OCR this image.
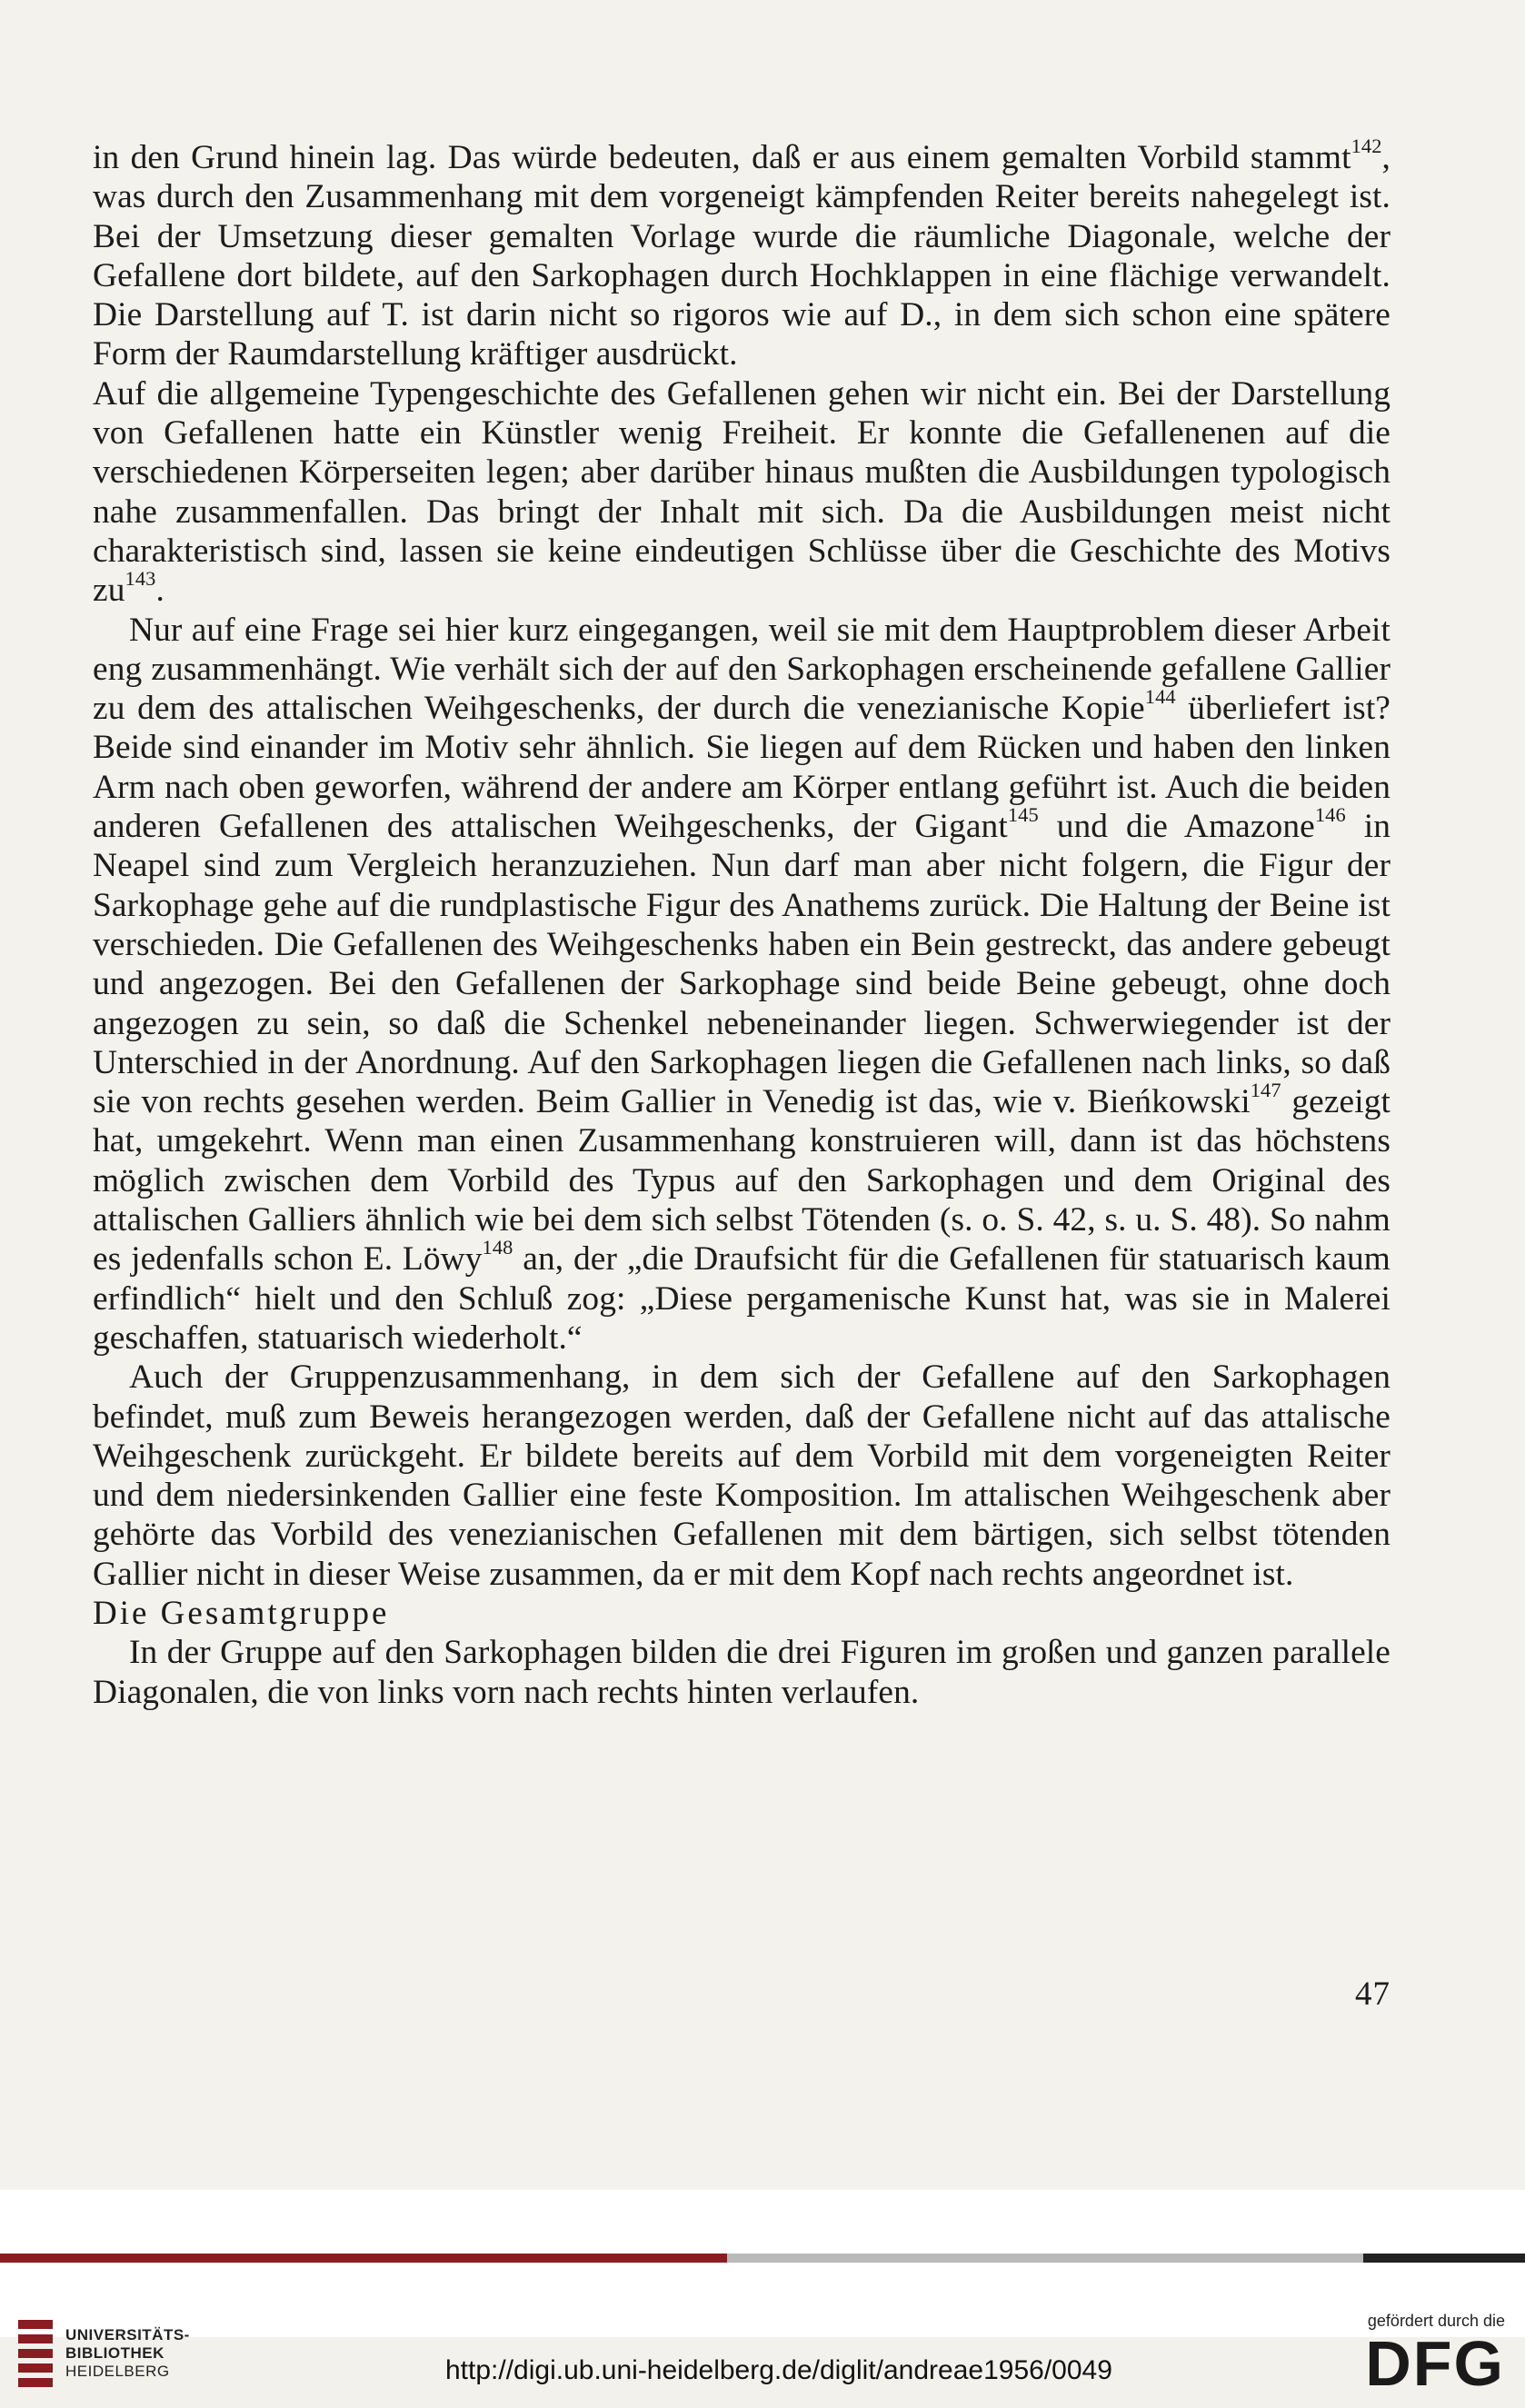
in den Grund hinein lag. Das würde bedeuten, daß er aus einem gemalten Vorbild stammt$^{142}$, was durch den Zusammenhang mit dem vorgeneigt kämpfenden Reiter bereits nahegelegt ist. Bei der Umsetzung dieser gemalten Vorlage wurde die räumliche Diagonale, welche der Gefallene dort bildete, auf den Sarkophagen durch Hochklappen in eine flächige verwandelt. Die Darstellung auf T. ist darin nicht so rigoros wie auf D., in dem sich schon eine spätere Form der Raumdarstellung kräftiger ausdrückt.

Auf die allgemeine Typengeschichte des Gefallenen gehen wir nicht ein. Bei der Darstellung von Gefallenen hatte ein Künstler wenig Freiheit. Er konnte die Gefallenenen auf die verschiedenen Körperseiten legen; aber darüber hinaus mußten die Ausbildungen typologisch nahe zusammenfallen. Das bringt der Inhalt mit sich. Da die Ausbildungen meist nicht charakteristisch sind, lassen sie keine eindeutigen Schlüsse über die Geschichte des Motivs $zu^{143}$.

Nur auf eine Frage sei hier kurz eingegangen, weil sie mit dem Hauptproblem dieser Arbeit eng zusammenhängt. Wie verhält sich der auf den Sarkophagen erscheinende gefallene Gallier zu dem des attalischen Weihgeschenks, der durch die venezianische Kopie$^{144}$ überliefert ist? Beide sind einander im Motiv sehr ähnlich. Sie liegen auf dem Rücken und haben den linken Arm nach oben geworfen, während der andere am Körper entlang geführt ist. Auch die beiden anderen Gefallenen des attalischen Weihgeschenks, der Gigant$^{145}$ und die Amazone$^{146}$ in Neapel sind zum Vergleich heranzuziehen. Nun darf man aber nicht folgern, die Figur der Sarkophage gehe auf die rundplastische Figur des Anathems zurück. Die Haltung der Beine ist verschieden. Die Gefallenen des Weihgeschenks haben ein Bein gestreckt, das andere gebeugt und angezogen. Bei den Gefallenen der Sarkophage sind beide Beine gebeugt, ohne doch angezogen zu sein, so daß die Schenkel nebeneinander liegen. Schwerwiegender ist der Unterschied in der Anordnung. Auf den Sarkophagen liegen die Gefallenen nach links, so daß sie von rechts gesehen werden. Beim Gallier in Venedig ist das, wie v. Bieńkowski$^{147}$ gezeigt hat, umgekehrt. Wenn man einen Zusammenhang konstruieren will, dann ist das höchstens möglich zwischen dem Vorbild des Typus auf den Sarkophagen und dem Original des attalischen Galliers ähnlich wie bei dem sich selbst Tötenden (s. o. S. 42, s. u. S. 48). So nahm es jedenfalls schon E. Löwy$^{148}$ an, der „die Draufsicht für die Gefallenen für statuarisch kaum erfindlich“ hielt und den Schluß zog: „Diese pergamenische Kunst hat, was sie in Malerei geschaffen, statuarisch wiederholt.“

Auch der Gruppenzusammenhang, in dem sich der Gefallene auf den Sarkophagen befindet, muß zum Beweis herangezogen werden, daß der Gefallene nicht auf das attalische Weihgeschenk zurückgeht. Er bildete bereits auf dem Vorbild mit dem vorgeneigten Reiter und dem niedersinkenden Gallier eine feste Komposition. Im attalischen Weihgeschenk aber gehörte das Vorbild des venezianischen Gefallenen mit dem bärtigen, sich selbst tötenden Gallier nicht in dieser Weise zusammen, da er mit dem Kopf nach rechts angeordnet ist.

Die Gesamtgruppe

In der Gruppe auf den Sarkophagen bilden die drei Figuren im großen und ganzen parallele Diagonalen, die von links vorn nach rechts hinten verlaufen.

47
UNIVERSITÄTS-
BIBLIOTHEK
HEIDELBERG	http://digi.ub.uni-heidelberg.de/diglit/andreae1956/0049
gefördert durch die
DFG
